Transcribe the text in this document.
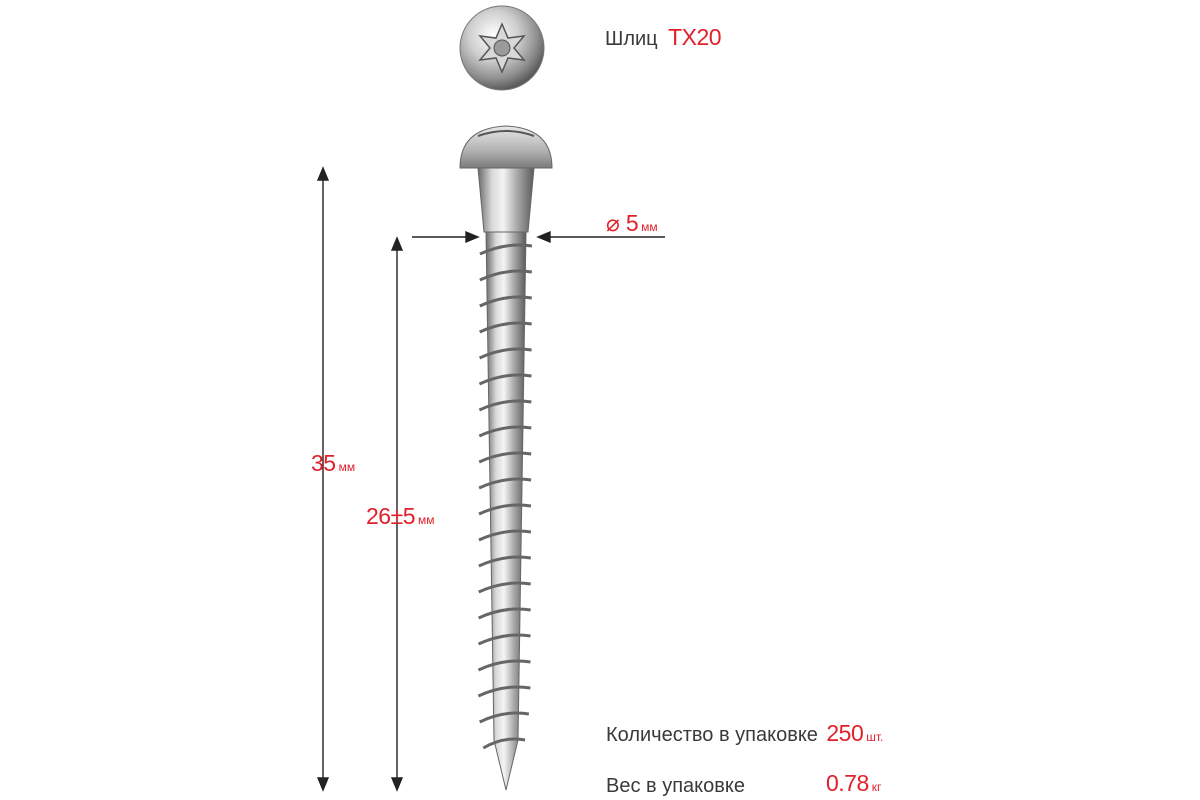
Шлиц TX20
⌀ 5 мм
35 мм
26±5 мм
Количество в упаковке 250 шт.
Вес в упаковке	0.78 кг
